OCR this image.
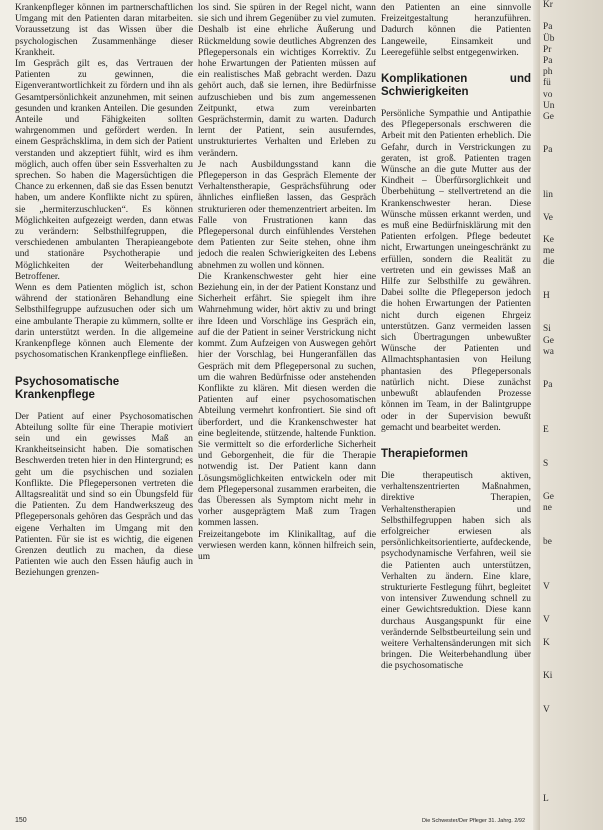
Krankenpfleger können im partnerschaftlichen Umgang mit den Patienten daran mitarbeiten. Voraussetzung ist das Wissen über die psychologischen Zusammenhänge dieser Krankheit.

Im Gespräch gilt es, das Vertrauen der Patienten zu gewinnen, die Eigenverantwortlichkeit zu fördern und ihn als Gesamtpersönlichkeit anzunehmen, mit seinen gesunden und kranken Anteilen. Die gesunden Anteile und Fähigkeiten sollten wahrgenommen und gefördert werden. In einem Gesprächsklima, in dem sich der Patient verstanden und akzeptiert fühlt, wird es ihm möglich, auch offen über sein Essverhalten zu sprechen. So haben die Magersüchtigen die Chance zu erkennen, daß sie das Essen benutzt haben, um andere Konflikte nicht zu spüren, sie „hermiterzuschlucken“. Es können Möglichkeiten aufgezeigt werden, dann etwas zu verändern: Selbsthilfegruppen, die verschiedenen ambulanten Therapieangebote und stationäre Psychotherapie und Möglichkeiten der Weiterbehandlung Betroffener.

Wenn es dem Patienten möglich ist, schon während der stationären Behandlung eine Selbsthilfegruppe aufzusuchen oder sich um eine ambulante Therapie zu kümmern, sollte er darin unterstützt werden. In die allgemeine Krankenpflege können auch Elemente der psychosomatischen Krankenpflege einfließen.

Psychosomatische Krankenpflege

Der Patient auf einer Psychosomatischen Abteilung sollte für eine Therapie motiviert sein und ein gewisses Maß an Krankheitseinsicht haben. Die somatischen Beschwerden treten hier in den Hintergrund; es geht um die psychischen und sozialen Konflikte. Die Pflegepersonen vertreten die Alltagsrealität und sind so ein Übungsfeld für die Patienten. Zu dem Handwerkszeug des Pflegepersonals gehören das Gespräch und das eigene Verhalten im Umgang mit den Patienten. Für sie ist es wichtig, die eigenen Grenzen deutlich zu machen, da diese Patienten wie auch den Essen häufig auch in Beziehungen grenzen-

los sind. Sie spüren in der Regel nicht, wann sie sich und ihrem Gegenüber zu viel zumuten. Deshalb ist eine ehrliche Äußerung und Rückmeldung sowie deutliches Abgrenzen des Pflegepersonals ein wichtiges Korrektiv. Zu hohe Erwartungen der Patienten müssen auf ein realistisches Maß gebracht werden. Dazu gehört auch, daß sie lernen, ihre Bedürfnisse aufzuschieben und bis zum angemessenen Zeitpunkt, etwa zum vereinbarten Gesprächstermin, damit zu warten. Dadurch lernt der Patient, sein ausuferndes, unstrukturiertes Verhalten und Erleben zu verändern.

Je nach Ausbildungsstand kann die Pflegeperson in das Gespräch Elemente der Verhaltenstherapie, Gesprächsführung oder ähnliches einfließen lassen, das Gespräch strukturieren oder themenzentriert arbeiten. Im Falle von Frustrationen kann das Pflegepersonal durch einfühlendes Verstehen dem Patienten zur Seite stehen, ohne ihm jedoch die realen Schwierigkeiten des Lebens abnehmen zu wollen und können.

Die Krankenschwester geht hier eine Beziehung ein, in der der Patient Konstanz und Sicherheit erfährt. Sie spiegelt ihm ihre Wahrnehmung wider, hört aktiv zu und bringt ihre Ideen und Vorschläge ins Gespräch ein, auf die der Patient in seiner Verstrickung nicht kommt. Zum Aufzeigen von Auswegen gehört hier der Vorschlag, bei Hungeranfällen das Gespräch mit dem Pflegepersonal zu suchen, um die wahren Bedürfnisse oder anstehenden Konflikte zu klären. Mit diesen werden die Patienten auf einer psychosomatischen Abteilung vermehrt konfrontiert. Sie sind oft überfordert, und die Krankenschwester hat eine begleitende, stützende, haltende Funktion. Sie vermittelt so die erforderliche Sicherheit und Geborgenheit, die für die Therapie notwendig ist. Der Patient kann dann Lösungsmöglichkeiten entwickeln oder mit dem Pflegepersonal zusammen erarbeiten, die das Überessen als Symptom nicht mehr in vorher ausgeprägtem Maß zum Tragen kommen lassen.

Freizeitangebote im Klinikalltag, auf die verwiesen werden kann, können hilfreich sein, um

den Patienten an eine sinnvolle Freizeitgestaltung heranzuführen. Dadurch können die Patienten Langeweile, Einsamkeit und Leeregefühle selbst entgegenwirken.

Komplikationen und Schwierigkeiten

Persönliche Sympathie und Antipathie des Pflegepersonals erschweren die Arbeit mit den Patienten erheblich. Die Gefahr, durch in Verstrickungen zu geraten, ist groß. Patienten tragen Wünsche an die gute Mutter aus der Kindheit – Überfürsorglichkeit und Überbehütung – stellvertretend an die Krankenschwester heran. Diese Wünsche müssen erkannt werden, und es muß eine Bedürfnisklärung mit den Patienten erfolgen. Pflege bedeutet nicht, Erwartungen uneingeschränkt zu erfüllen, sondern die Realität zu vertreten und ein gewisses Maß an Hilfe zur Selbsthilfe zu gewähren. Dabei sollte die Pflegeperson jedoch die hohen Erwartungen der Patienten nicht durch eigenen Ehrgeiz unterstützen. Ganz vermeiden lassen sich Übertragungen unbewußter Wünsche der Patienten und Allmachtsphantasien von Heilung phantasien des Pflegepersonals natürlich nicht. Diese zunächst unbewußt ablaufenden Prozesse können im Team, in der Balintgruppe oder in der Supervision bewußt gemacht und bearbeitet werden.

Therapieformen

Die therapeutisch aktiven, verhaltenszentrierten Maßnahmen, direktive Therapien, Verhaltenstherapien und Selbsthilfegruppen haben sich als erfolgreicher erwiesen als persönlichkeitsorientierte, aufdeckende, psychodynamische Verfahren, weil sie die Patienten auch unterstützen, Verhalten zu ändern. Eine klare, strukturierte Festlegung führt, begleitet von intensiver Zuwendung schnell zu einer Gewichtsreduktion. Diese kann durchaus Ausgangspunkt für eine verändernde Selbstbeurteilung sein und weitere Verhaltensänderungen mit sich bringen. Die Weiterbehandlung über die psychosomatische

Kr
Pa
Üb
Pr
Pa
ph
fü
vo
Un
Ge
Pa
lin
Ve
Ke
me
die
H
Si
Ge
wa
Pa
E
S
Ge
ne
be
V
V
K
Ki
V
L
150	Die Schwester/Der Pfleger 31. Jahrg. 2/92
